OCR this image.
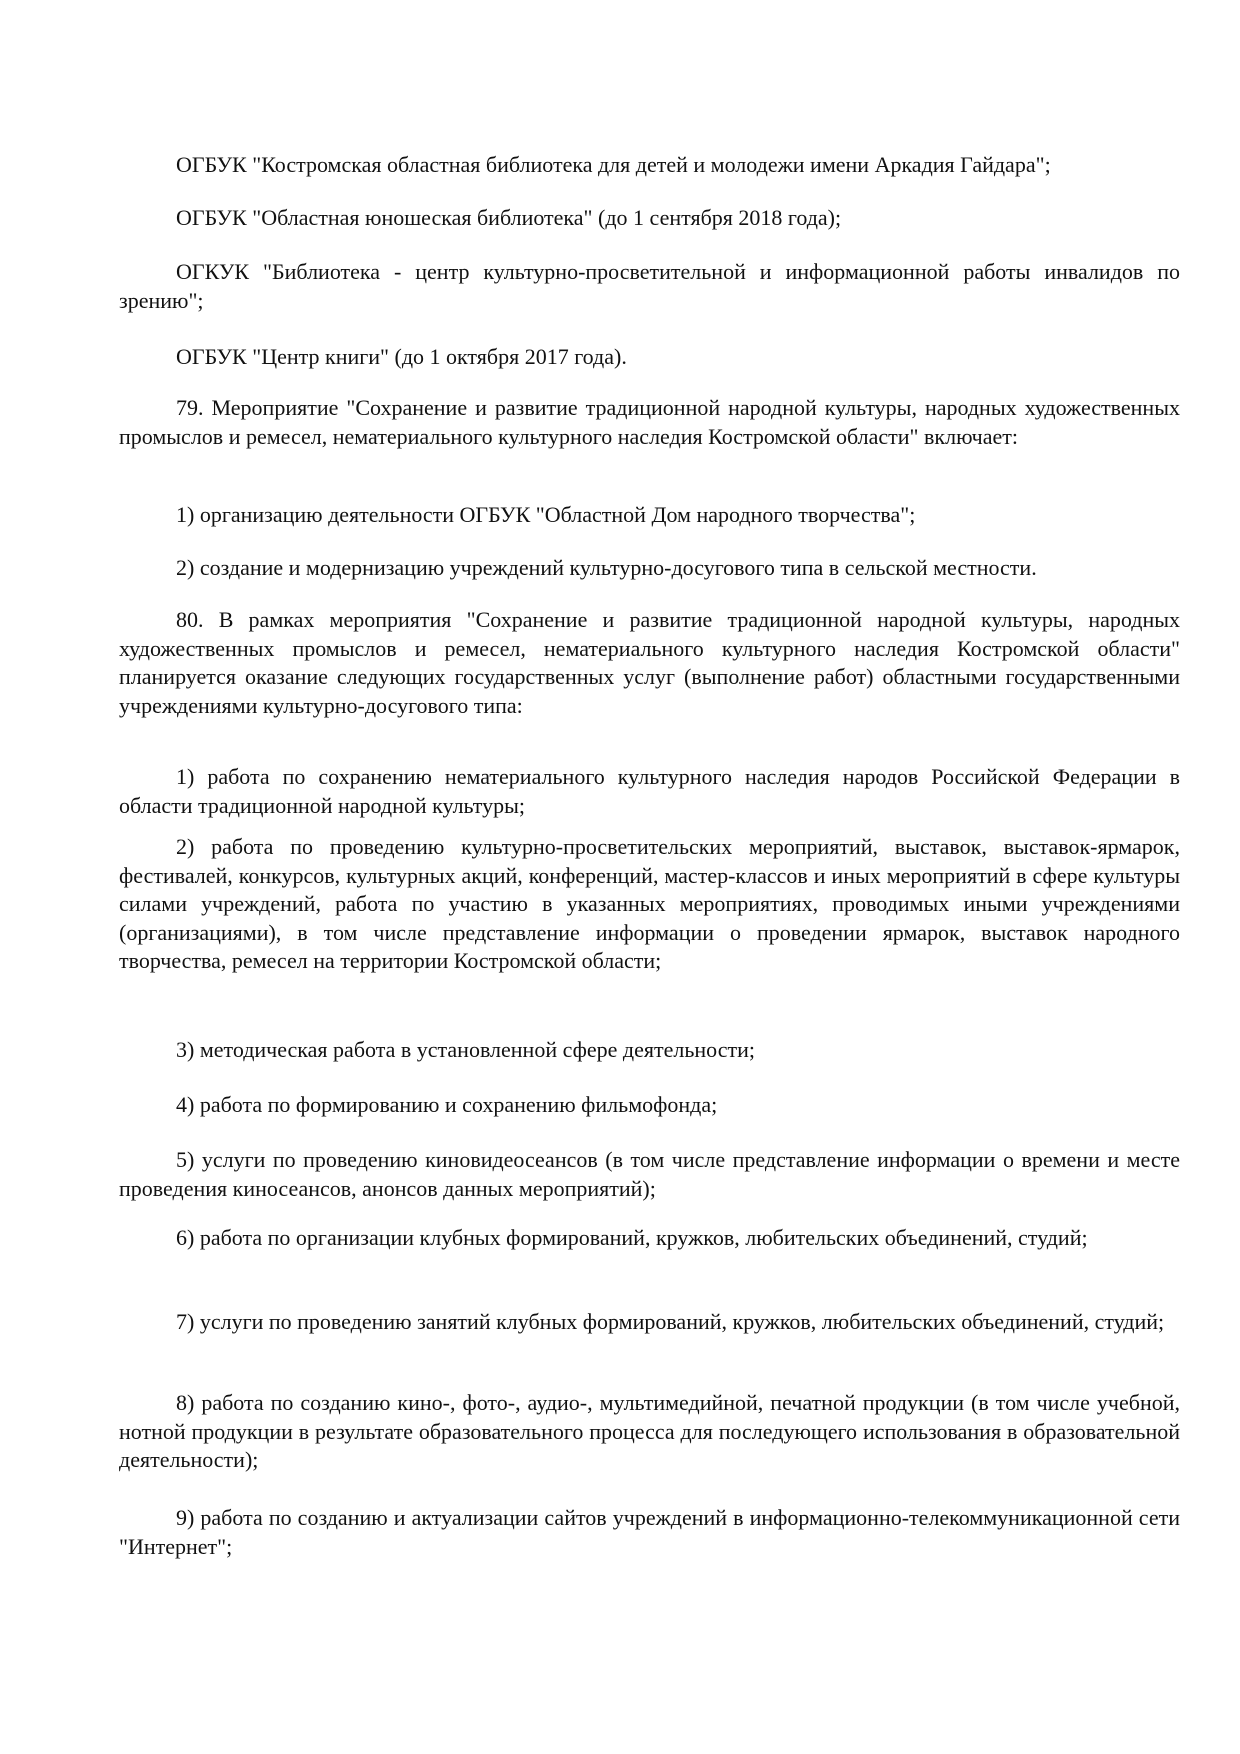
ОГБУК "Костромская областная библиотека для детей и молодежи имени Аркадия Гайдара";

ОГБУК "Областная юношеская библиотека" (до 1 сентября 2018 года);

ОГКУК "Библиотека - центр культурно-просветительной и информационной работы инвалидов по зрению";

ОГБУК "Центр книги" (до 1 октября 2017 года).

79. Мероприятие "Сохранение и развитие традиционной народной культуры, народных художественных промыслов и ремесел, нематериального культурного наследия Костромской области" включает:

1) организацию деятельности ОГБУК "Областной Дом народного творчества";

2) создание и модернизацию учреждений культурно-досугового типа в сельской местности.

80. В рамках мероприятия "Сохранение и развитие традиционной народной культуры, народных художественных промыслов и ремесел, нематериального культурного наследия Костромской области" планируется оказание следующих государственных услуг (выполнение работ) областными государственными учреждениями культурно-досугового типа:

1) работа по сохранению нематериального культурного наследия народов Российской Федерации в области традиционной народной культуры;

2) работа по проведению культурно-просветительских мероприятий, выставок, выставок-ярмарок, фестивалей, конкурсов, культурных акций, конференций, мастер-классов и иных мероприятий в сфере культуры силами учреждений, работа по участию в указанных мероприятиях, проводимых иными учреждениями (организациями), в том числе представление информации о проведении ярмарок, выставок народного творчества, ремесел на территории Костромской области;

3) методическая работа в установленной сфере деятельности;

4) работа по формированию и сохранению фильмофонда;

5) услуги по проведению киновидеосеансов (в том числе представление информации о времени и месте проведения киносеансов, анонсов данных мероприятий);

6) работа по организации клубных формирований, кружков, любительских объединений, студий;

7) услуги по проведению занятий клубных формирований, кружков, любительских объединений, студий;

8) работа по созданию кино-, фото-, аудио-, мультимедийной, печатной продукции (в том числе учебной, нотной продукции в результате образовательного процесса для последующего использования в образовательной деятельности);

9) работа по созданию и актуализации сайтов учреждений в информационно-телекоммуникационной сети "Интернет";
